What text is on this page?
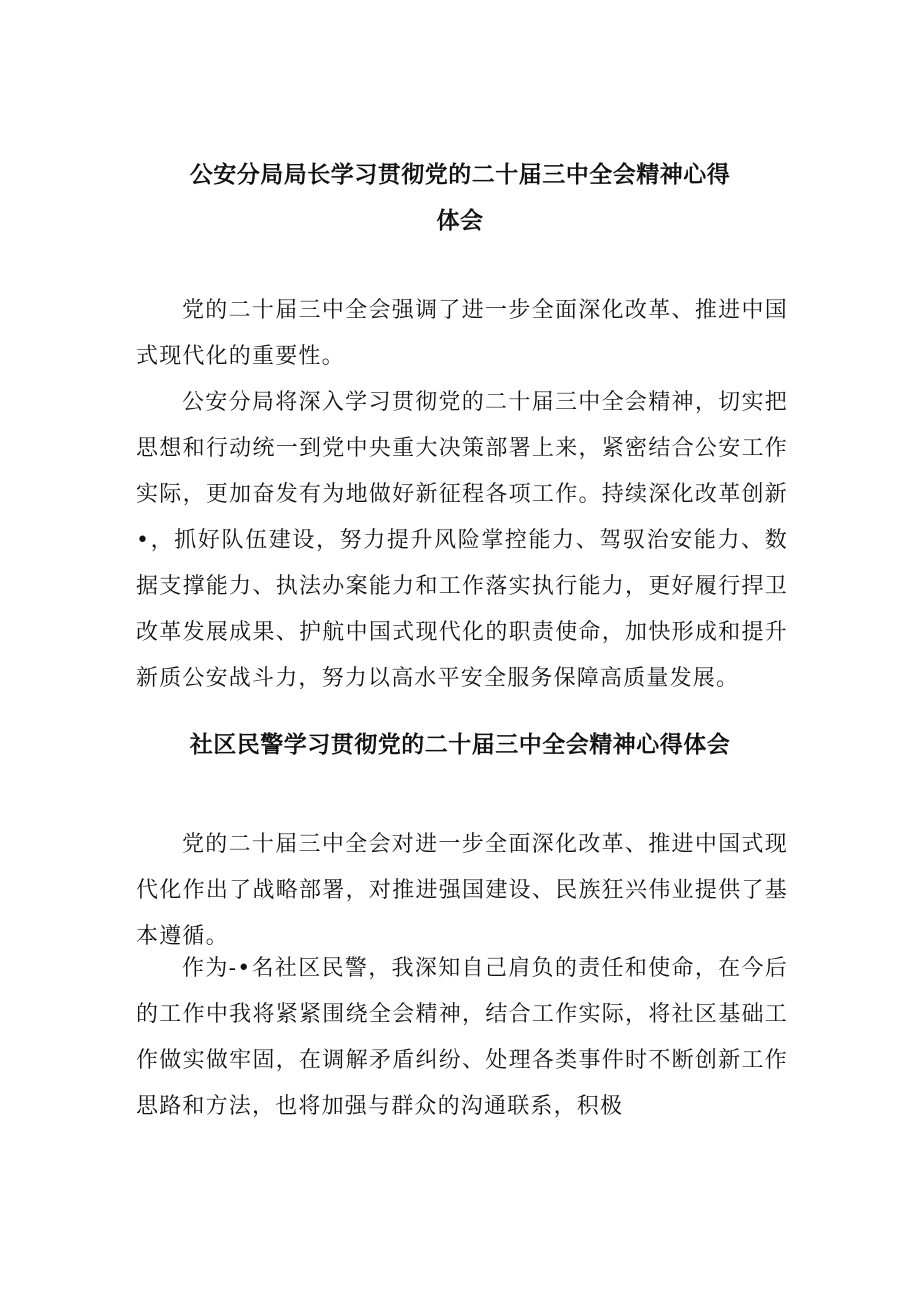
公安分局局长学习贯彻党的二十届三中全会精神心得
体会

党的二十届三中全会强调了进一步全面深化改革、推进中国式现代化的重要性。

公安分局将深入学习贯彻党的二十届三中全会精神，切实把思想和行动统一到党中央重大决策部署上来，紧密结合公安工作实际，更加奋发有为地做好新征程各项工作。持续深化改革创新•，抓好队伍建设，努力提升风险掌控能力、驾驭治安能力、数据支撑能力、执法办案能力和工作落实执行能力，更好履行捍卫改革发展成果、护航中国式现代化的职责使命，加快形成和提升新质公安战斗力，努力以高水平安全服务保障高质量发展。

社区民警学习贯彻党的二十届三中全会精神心得体会

党的二十届三中全会对进一步全面深化改革、推进中国式现代化作出了战略部署，对推进强国建设、民族狂兴伟业提供了基本遵循。

作为-•名社区民警，我深知自己肩负的责任和使命，在今后的工作中我将紧紧围绕全会精神，结合工作实际，将社区基础工作做实做牢固，在调解矛盾纠纷、处理各类事件时不断创新工作思路和方法，也将加强与群众的沟通联系，积极
